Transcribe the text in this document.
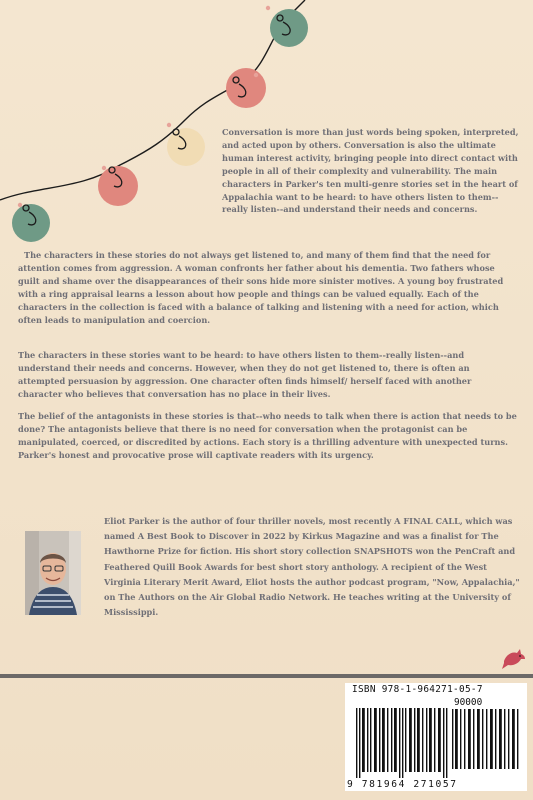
Conversation is more than just words being spoken, interpreted, and acted upon by others. Conversation is also the ultimate human interest activity, bringing people into direct contact with people in all of their complexity and vulnerability. The main characters in Parker's ten multi-genre stories set in the heart of Appalachia want to be heard: to have others listen to them--really listen--and understand their needs and concerns.
The characters in these stories do not always get listened to, and many of them find that the need for attention comes from aggression. A woman confronts her father about his dementia. Two fathers whose guilt and shame over the disappearances of their sons hide more sinister motives. A young boy frustrated with a ring appraisal learns a lesson about how people and things can be valued equally. Each of the characters in the collection is faced with a balance of talking and listening with a need for action, which often leads to manipulation and coercion.
The characters in these stories want to be heard: to have others listen to them--really listen--and understand their needs and concerns. However, when they do not get listened to, there is often an attempted persuasion by aggression. One character often finds himself/ herself faced with another character who believes that conversation has no place in their lives.
The belief of the antagonists in these stories is that--who needs to talk when there is action that needs to be done? The antagonists believe that there is no need for conversation when the protagonist can be manipulated, coerced, or discredited by actions. Each story is a thrilling adventure with unexpected turns. Parker's honest and provocative prose will captivate readers with its urgency.
Eliot Parker is the author of four thriller novels, most recently A FINAL CALL, which was named A Best Book to Discover in 2022 by Kirkus Magazine and was a finalist for The Hawthorne Prize for fiction. His short story collection SNAPSHOTS won the PenCraft and Feathered Quill Book Awards for best short story anthology. A recipient of the West Virginia Literary Merit Award, Eliot hosts the author podcast program, "Now, Appalachia," on The Authors on the Air Global Radio Network. He teaches writing at the University of Mississippi.
ISBN 978-1-964271-05-7
90000
9 781964 271057
